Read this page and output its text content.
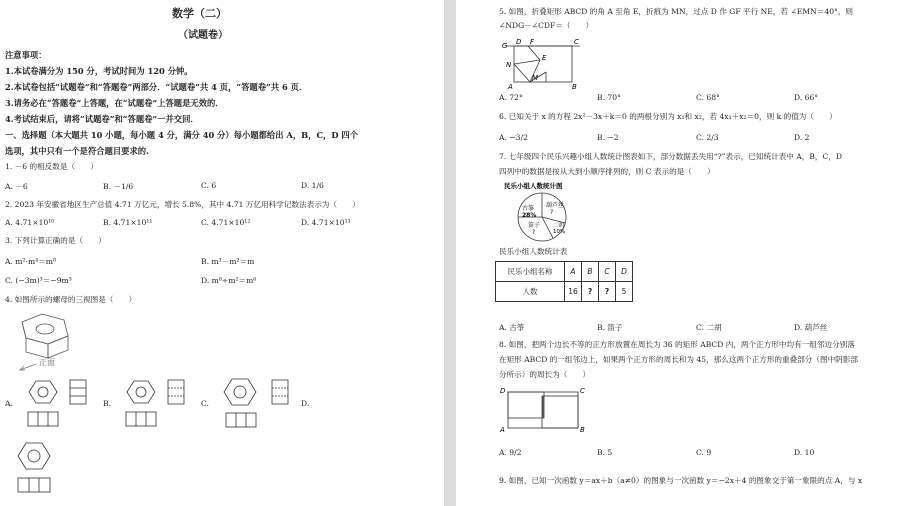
数学（二）
（试题卷）
注意事项：
1.本试卷满分为 150 分，考试时间为 120 分钟。
2.本试卷包括“试题卷”和“答题卷”两部分．“试题卷”共 4 页，“答题卷”共 6 页．
3.请务必在“答题卷”上答题，在“试题卷”上答题是无效的．
4.考试结束后，请将“试题卷”和“答题卷”一并交回．
一、选择题（本大题共 10 小题，每小题 4 分，满分 40 分）每小题都给出 A，B，C，D 四个
选项，其中只有一个是符合题目要求的.
1. －6 的相反数是（　　）
A. －6	B. －1/6	C. 6	D. 1/6
2. 2023 年安徽省地区生产总值 4.71 万亿元，增长 5.8%，其中 4.71 万亿用科学记数法表示为（　　）
A. 4.71×10¹⁰	B. 4.71×10¹¹	C. 4.71×10¹²	D. 4.71×10¹³
3. 下列计算正确的是（　　）
A. m²·m⁴＝m⁸	B. m³－m²＝m
C. (−3m)³＝−9m³	D. m⁸÷m²＝m⁶
4. 如图所示的螺母的三视图是（　　）
正面
A.	B.	C.	D.
5. 如图，折叠矩形 ABCD 的角 A 至角 E，折痕为 MN，过点 D 作 GF 平行 NE，若 ∠EMN＝40°，则
∠NDG－∠CDF＝（　　）
G D F	C
N
E
M
A	B
A. 72°	B. 70°	C. 68°	D. 66°
6. 已知关于 x 的方程 2x²－3x＋k＝0 的两根分别为 x₁和 x₂，若 4x₁＋x₂＝0，则 k 的值为（　　）
A. −3/2	B. −2	C. 2/3	D. 2
7. 七年级四个民乐兴趣小组人数统计图表如下，部分数据丢失用“?”表示，已知统计表中 A，B，C，D
四列中的数据是按从大到小顺序排列的，则 C 表示的是（　　）
民乐小组人数统计图
古筝
28%
葫芦丝
?
笛子
?
二胡
10%
民乐小组人数统计表
民乐小组名称	A	B	C	D
人数	16	?	?	5
A. 古筝	B. 笛子	C. 二胡	D. 葫芦丝
8. 如图，把两个边长不等的正方形放置在周长为 36 的矩形 ABCD 内，两个正方形中均有一组邻边分别落
在矩形 ABCD 的一组邻边上，如果两个正方形的周长和为 45，那么这两个正方形的重叠部分（图中阴影部
分所示）的周长为（　　）
D	C
A	B
A. 9/2	B. 5	C. 9	D. 10
9. 如图，已知一次函数 y＝ax＋b（a≠0）的图象与一次函数 y＝−2x＋4 的图象交于第一象限的点 A，与 x
